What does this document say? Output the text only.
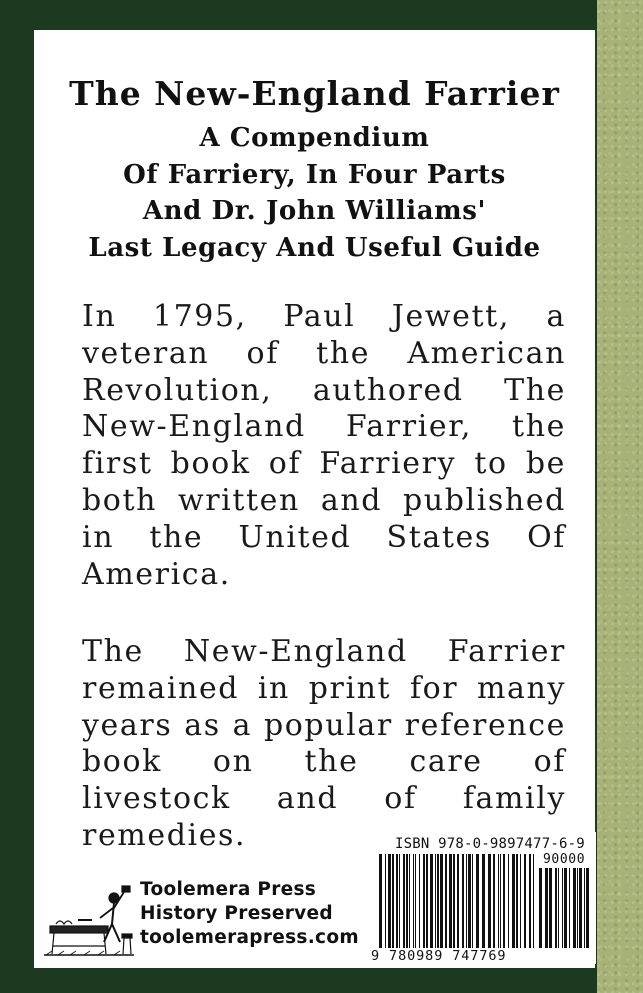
The New-England Farrier
A Compendium
Of Farriery, In Four Parts
And Dr. John Williams'
Last Legacy And Useful Guide

In 1795, Paul Jewett, a veteran of the American Revolution, authored The New-England Farrier, the first book of Farriery to be both written and published in the United States Of America.

The New-England Farrier remained in print for many years as a popular reference book on the care of livestock and of family remedies.

Toolemera Press
History Preserved
toolemerapress.com
ISBN 978-0-9897477-6-9
90000
9 780989 747769
